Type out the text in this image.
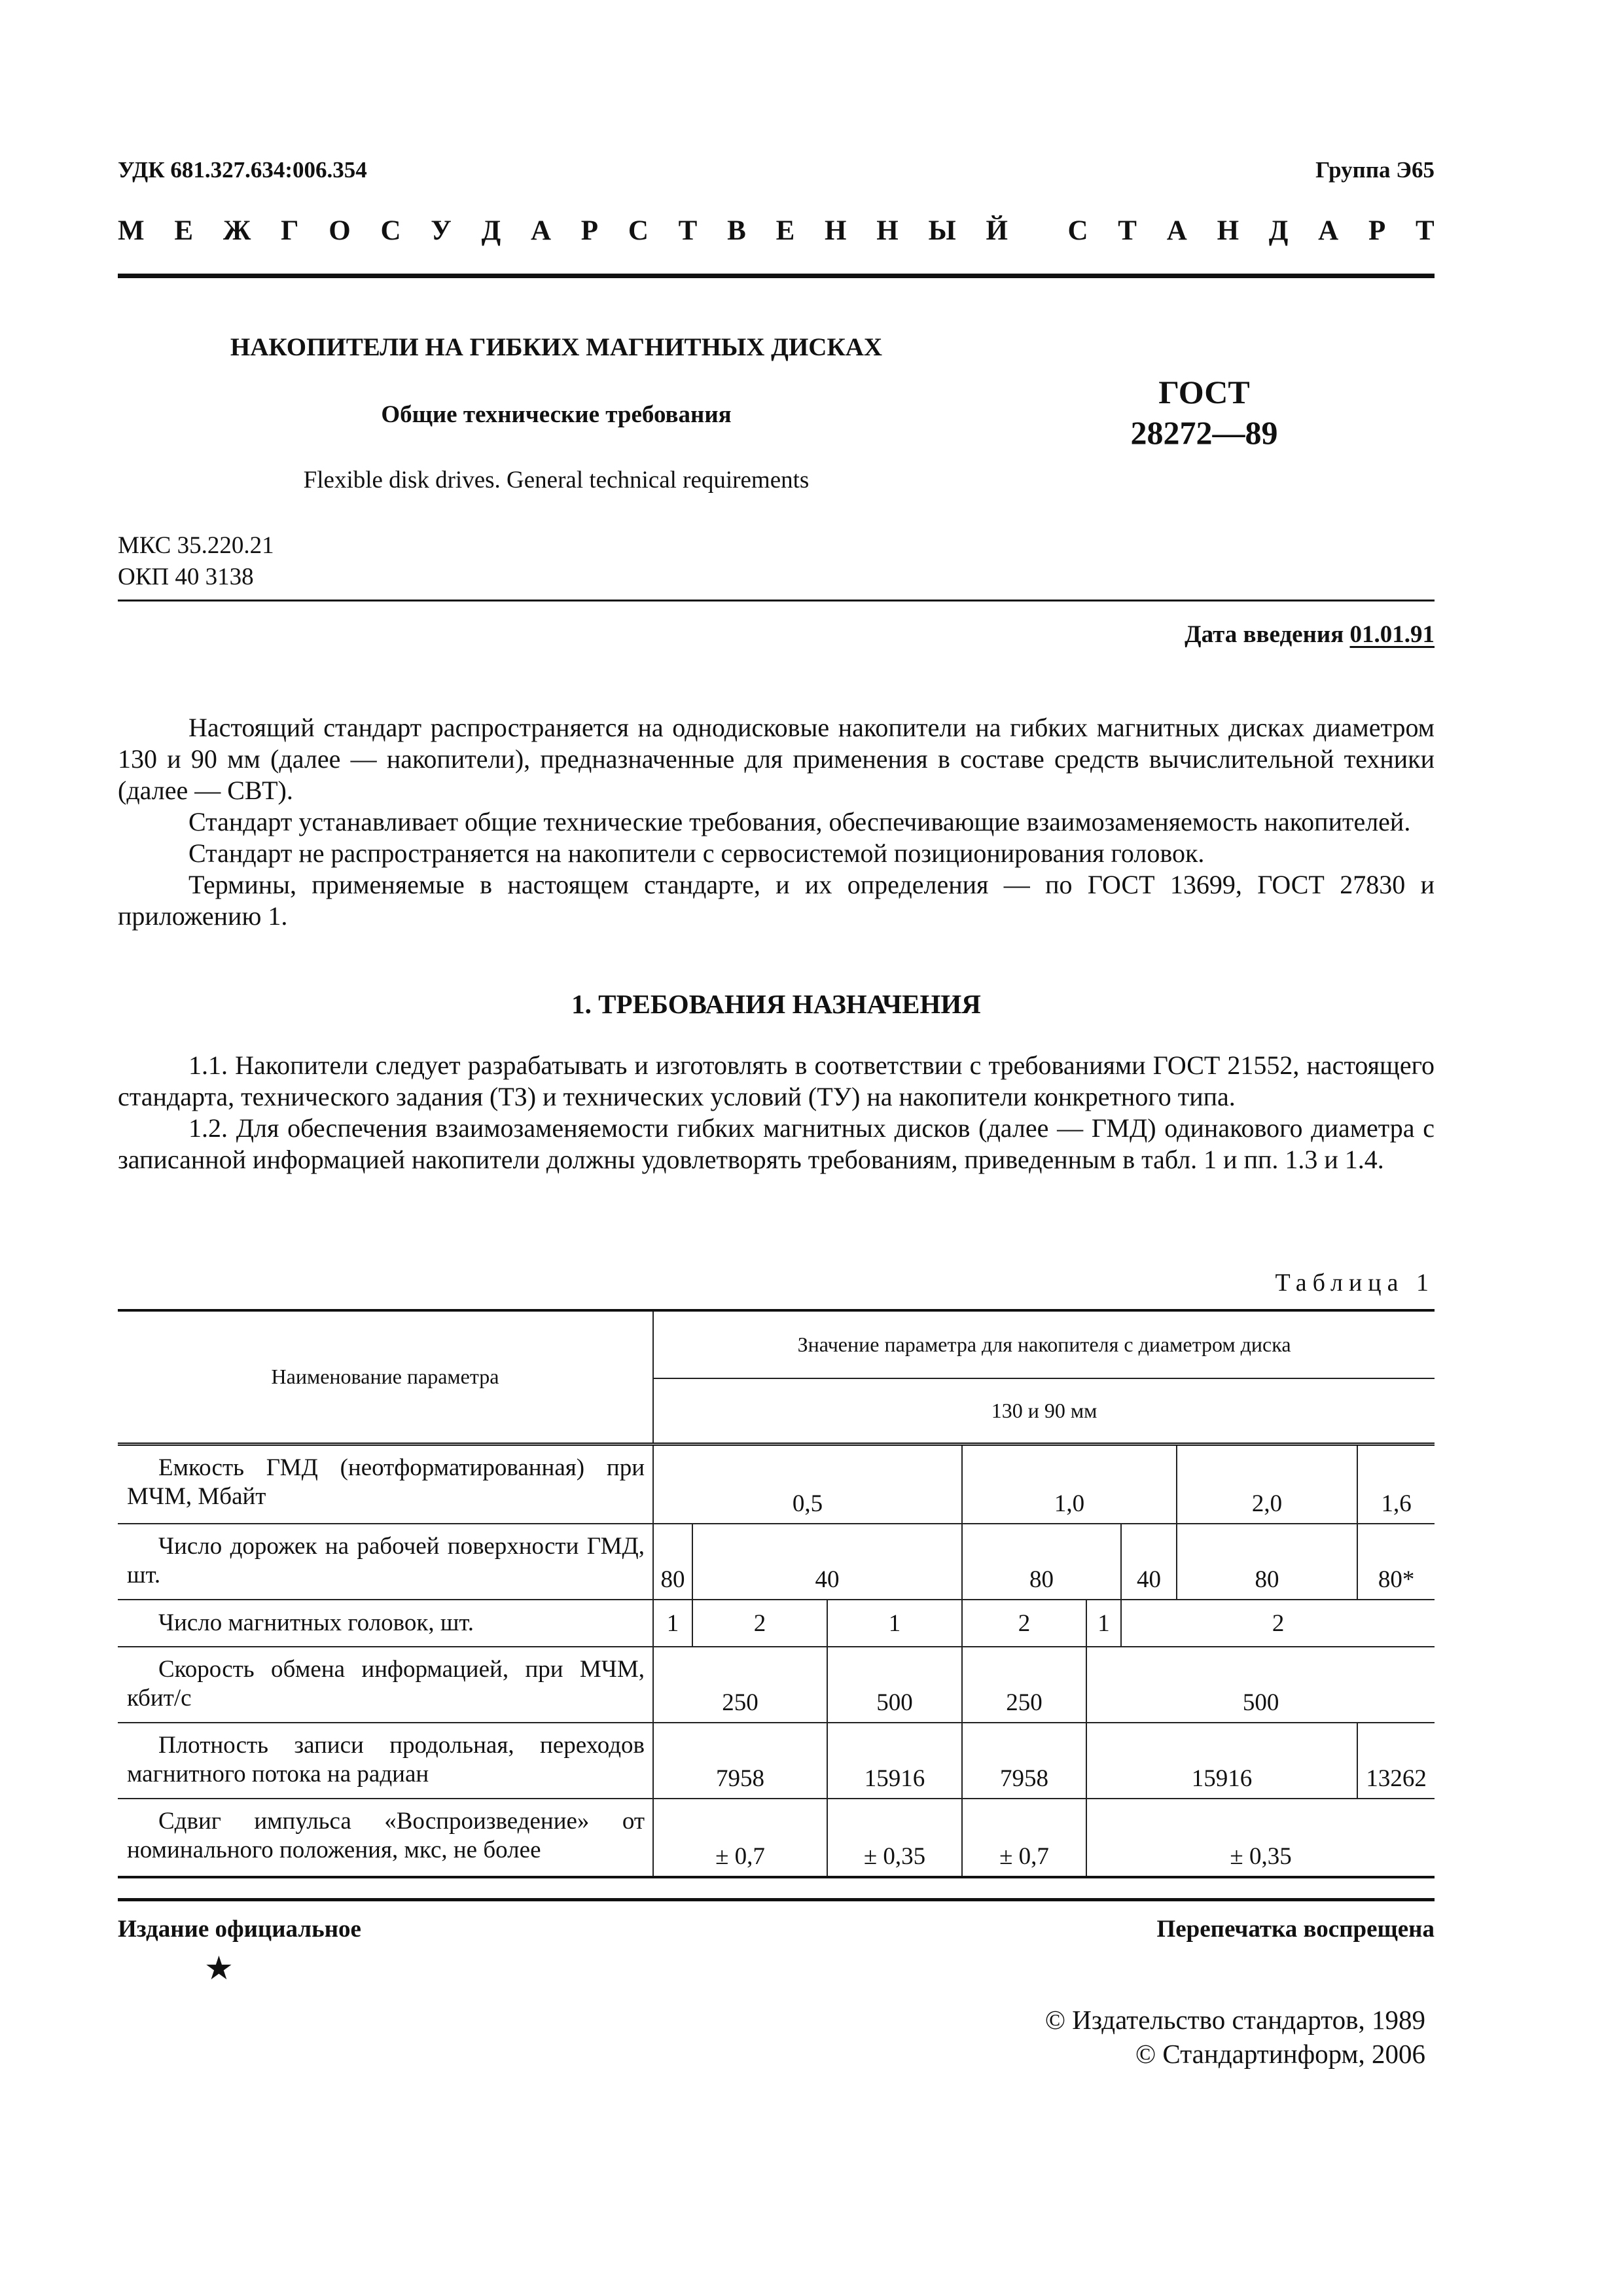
УДК 681.327.634:006.354	Группа Э65
М Е Ж Г О С У Д А Р С Т В Е Н Н Ы Й С Т А Н Д А Р Т
НАКОПИТЕЛИ НА ГИБКИХ МАГНИТНЫХ ДИСКАХ
Общие технические требования
Flexible disk drives. General technical requirements
ГОСТ
28272—89
МКС 35.220.21
ОКП 40 3138
Дата введения 01.01.91

Настоящий стандарт распространяется на однодисковые накопители на гибких магнитных дисках диаметром 130 и 90 мм (далее — накопители), предназначенные для применения в составе средств вычислительной техники (далее — СВТ).

Стандарт устанавливает общие технические требования, обеспечивающие взаимозаменяемость накопителей.

Стандарт не распространяется на накопители с сервосистемой позиционирования головок.

Термины, применяемые в настоящем стандарте, и их определения — по ГОСТ 13699, ГОСТ 27830 и приложению 1.

1. ТРЕБОВАНИЯ НАЗНАЧЕНИЯ

1.1. Накопители следует разрабатывать и изготовлять в соответствии с требованиями ГОСТ 21552, настоящего стандарта, технического задания (ТЗ) и технических условий (ТУ) на накопители конкретного типа.

1.2. Для обеспечения взаимозаменяемости гибких магнитных дисков (далее — ГМД) одинакового диаметра с записанной информацией накопители должны удовлетворять требованиям, приведенным в табл. 1 и пп. 1.3 и 1.4.

Таблица 1
Наименование параметра	Значение параметра для накопителя с диаметром диска							
	130 и 90 мм							
Емкость ГМД (неотформатированная) при МЧМ, Мбайт	0,5			1,0			2,0	1,6
Число дорожек на рабочей поверхности ГМД, шт.	80	40		80		40	80	80*
Число магнитных головок, шт.	1	2	1	2	1	2		
Скорость обмена информацией, при МЧМ, кбит/с	250		500	250	500			
Плотность записи продольная, переходов магнитного потока на радиан	7958		15916	7958	15916			13262
Сдвиг импульса «Воспроизведение» от номинального положения, мкс, не более	± 0,7		± 0,35	± 0,7	± 0,35			
Издание официальное	Перепечатка воспрещена
★
© Издательство стандартов, 1989
© Стандартинформ, 2006
